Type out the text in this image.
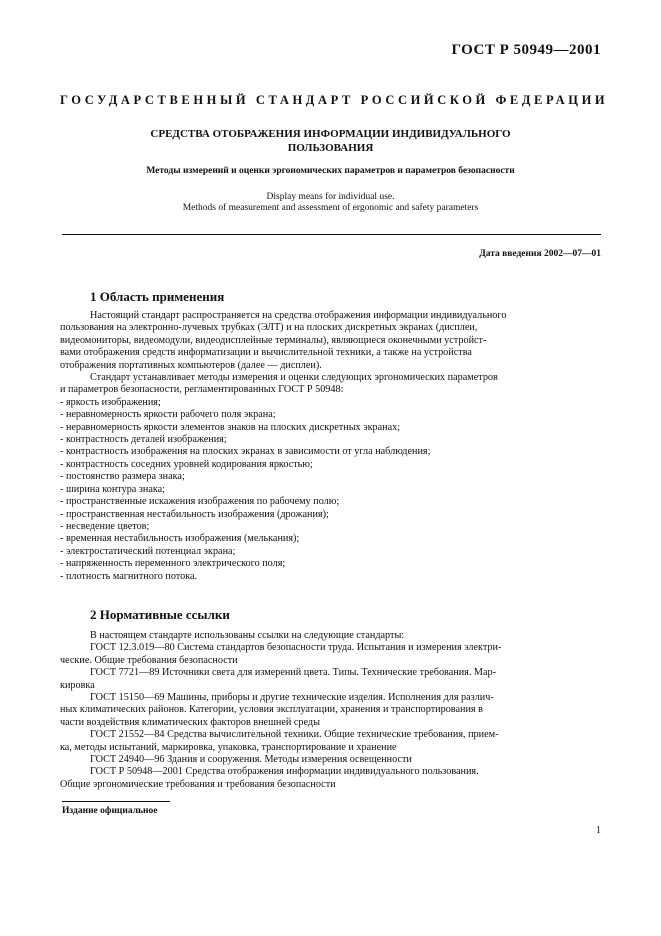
ГОСТ Р 50949—2001
ГОСУДАРСТВЕННЫЙ СТАНДАРТ РОССИЙСКОЙ ФЕДЕРАЦИИ
СРЕДСТВА ОТОБРАЖЕНИЯ ИНФОРМАЦИИ ИНДИВИДУАЛЬНОГО
ПОЛЬЗОВАНИЯ
Методы измерений и оценки эргономических параметров и параметров безопасности
Display means for individual use.
Methods of measurement and assessment of ergonomic and safety parameters
Дата введения 2002—07—01
1 Область применения
Настоящий стандарт распространяется на средства отображения информации индивидуального
пользования на электронно-лучевых трубках (ЭЛТ) и на плоских дискретных экранах (дисплеи,
видеомониторы, видеомодули, видеодисплейные терминалы), являющиеся оконечными устройст-
вами отображения средств информатизации и вычислительной техники, а также на устройства
отображения портативных компьютеров (далее — дисплеи).
Стандарт устанавливает методы измерения и оценки следующих эргономических параметров
и параметров безопасности, регламентированных ГОСТ Р 50948:
- яркость изображения;
- неравномерность яркости рабочего поля экрана;
- неравномерность яркости элементов знаков на плоских дискретных экранах;
- контрастность деталей изображения;
- контрастность изображения на плоских экранах в зависимости от угла наблюдения;
- контрастность соседних уровней кодирования яркостью;
- постоянство размера знака;
- ширина контура знака;
- пространственные искажения изображения по рабочему полю;
- пространственная нестабильность изображения (дрожания);
- несведение цветов;
- временная нестабильность изображения (мелькания);
- электростатический потенциал экрана;
- напряженность переменного электрического поля;
- плотность магнитного потока.
2 Нормативные ссылки
В настоящем стандарте использованы ссылки на следующие стандарты:
ГОСТ 12.3.019—80 Система стандартов безопасности труда. Испытания и измерения электри-
ческие. Общие требования безопасности
ГОСТ 7721—89 Источники света для измерений цвета. Типы. Технические требования. Мар-
кировка
ГОСТ 15150—69 Машины, приборы и другие технические изделия. Исполнения для различ-
ных климатических районов. Категории, условия эксплуатации, хранения и транспортирования в
части воздействия климатических факторов внешней среды
ГОСТ 21552—84 Средства вычислительной техники. Общие технические требования, прием-
ка, методы испытаний, маркировка, упаковка, транспортирование и хранение
ГОСТ 24940—96 Здания и сооружения. Методы измерения освещенности
ГОСТ Р 50948—2001 Средства отображения информации индивидуального пользования.
Общие эргономические требования и требования безопасности
Издание официальное
1
